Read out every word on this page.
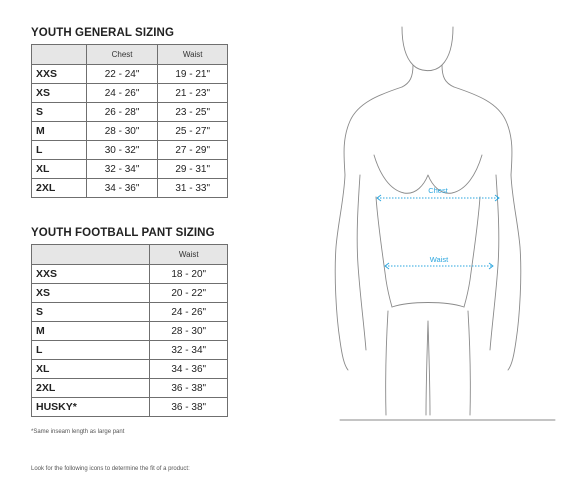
YOUTH GENERAL SIZING
	Chest	Waist
XXS	22 - 24"	19 - 21"
XS	24 - 26"	21 - 23"
S	26 - 28"	23 - 25"
M	28 - 30"	25 - 27"
L	30 - 32"	27 - 29"
XL	32 - 34"	29 - 31"
2XL	34 - 36"	31 - 33"
YOUTH FOOTBALL PANT SIZING
	Waist
XXS	18 - 20"
XS	20 - 22"
S	24 - 26"
M	28 - 30"
L	32 - 34"
XL	34 - 36"
2XL	36 - 38"
HUSKY*	36 - 38"
*Same inseam length as large pant
Look for the following icons to determine the fit of a product:
Chest
Waist
